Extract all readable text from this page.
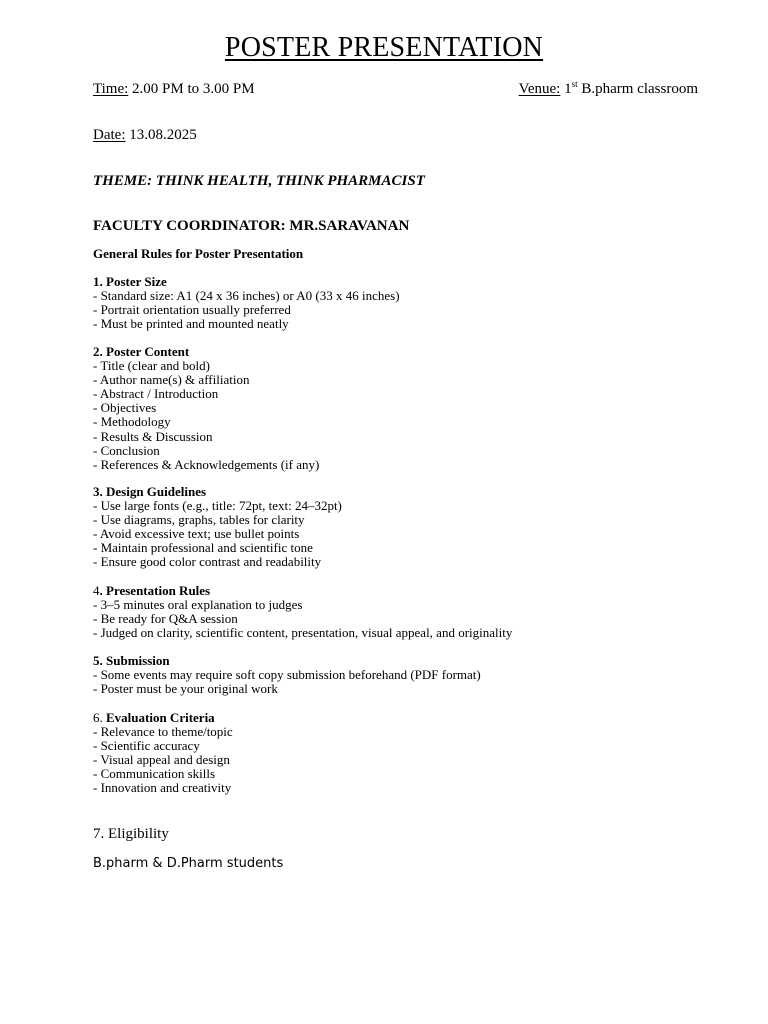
POSTER PRESENTATION
Time: 2.00 PM to 3.00 PM	Venue: 1st B.pharm classroom
Date: 13.08.2025
THEME: THINK HEALTH, THINK PHARMACIST
FACULTY COORDINATOR: MR.SARAVANAN
General Rules for Poster Presentation
1. Poster Size
- Standard size: A1 (24 x 36 inches) or A0 (33 x 46 inches)
- Portrait orientation usually preferred
- Must be printed and mounted neatly
2. Poster Content
- Title (clear and bold)
- Author name(s) & affiliation
- Abstract / Introduction
- Objectives
- Methodology
- Results & Discussion
- Conclusion
- References & Acknowledgements (if any)
3. Design Guidelines
- Use large fonts (e.g., title: 72pt, text: 24–32pt)
- Use diagrams, graphs, tables for clarity
- Avoid excessive text; use bullet points
- Maintain professional and scientific tone
- Ensure good color contrast and readability
4. Presentation Rules
- 3–5 minutes oral explanation to judges
- Be ready for Q&A session
- Judged on clarity, scientific content, presentation, visual appeal, and originality
5. Submission
- Some events may require soft copy submission beforehand (PDF format)
- Poster must be your original work
6. Evaluation Criteria
- Relevance to theme/topic
- Scientific accuracy
- Visual appeal and design
- Communication skills
- Innovation and creativity
7. Eligibility
B.pharm & D.Pharm students
